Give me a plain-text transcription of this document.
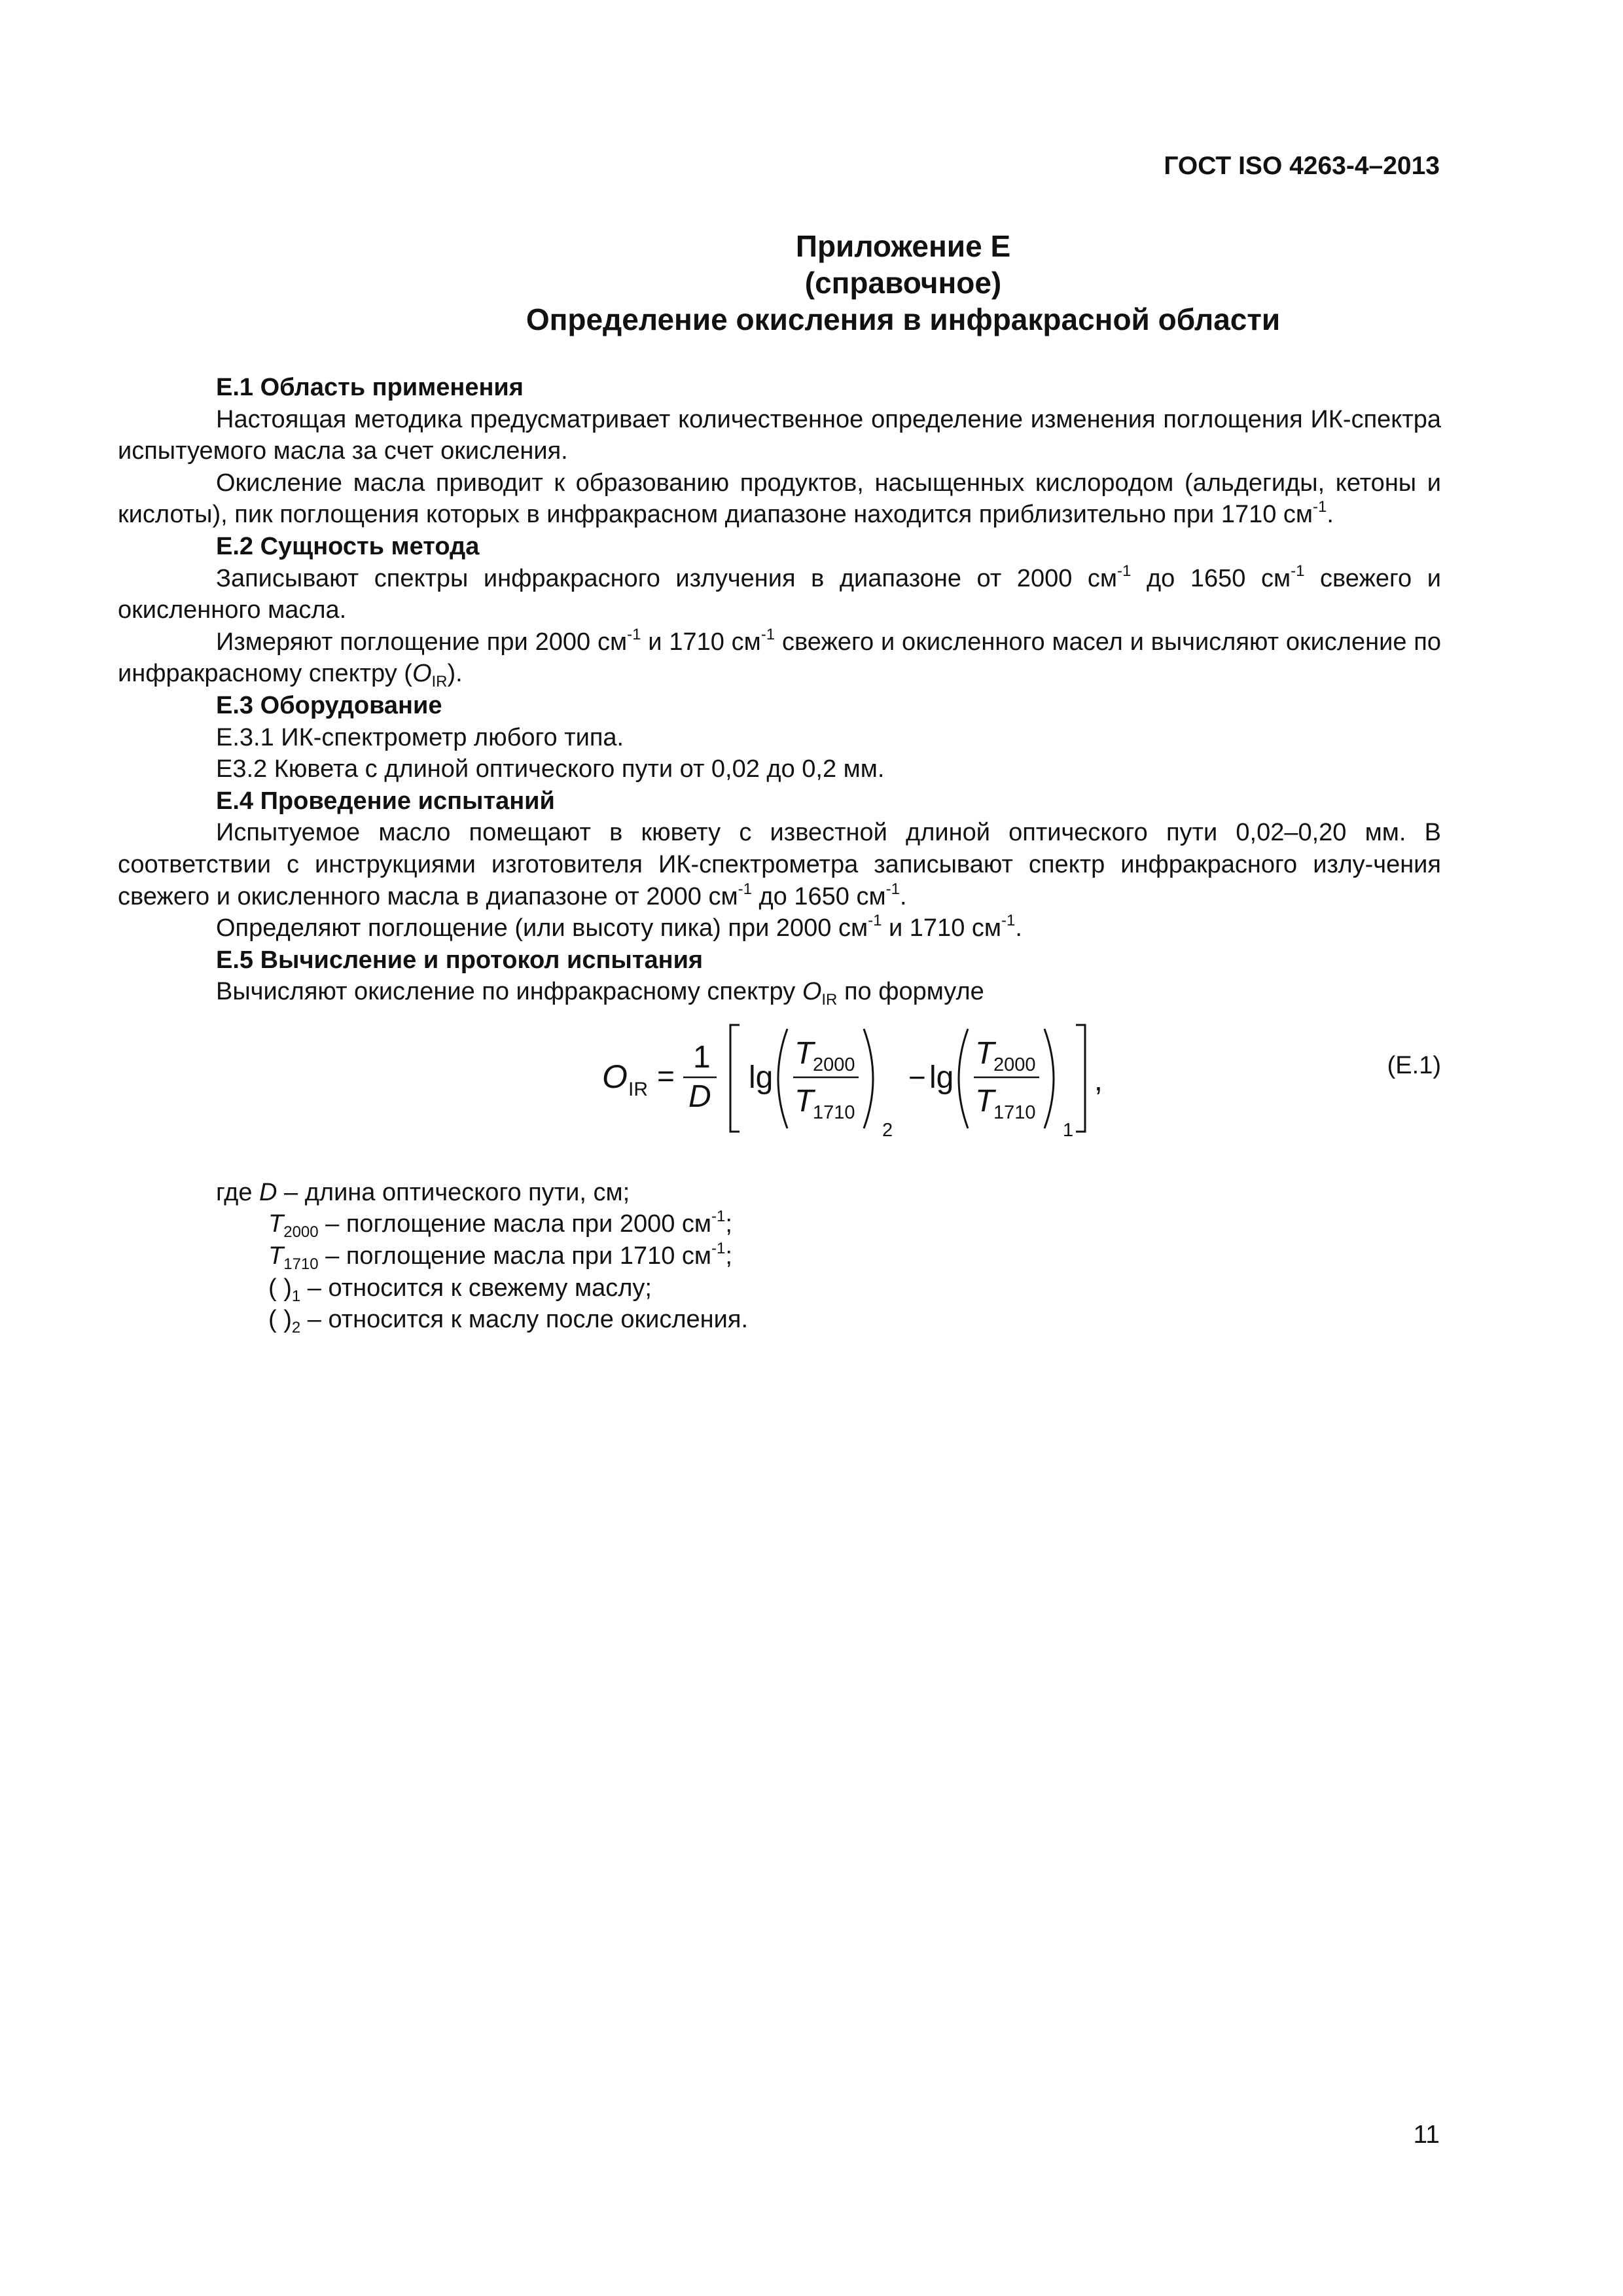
ГОСТ ISO 4263-4–2013
Приложение Е
(справочное)
Определение окисления в инфракрасной области

Е.1 Область применения

Настоящая методика предусматривает количественное определение изменения поглощения ИК-спектра испытуемого масла за счет окисления.

Окисление масла приводит к образованию продуктов, насыщенных кислородом (альдегиды, кетоны и кислоты), пик поглощения которых в инфракрасном диапазоне находится приблизительно при 1710 $см^{-1}$.

Е.2 Сущность метода

Записывают спектры инфракрасного излучения в диапазоне от 2000 $см^{-1}$ до 1650 $см^{-1}$ свежего и окисленного масла.

Измеряют поглощение при 2000 $см^{-1}$ и 1710 $см^{-1}$ свежего и окисленного масел и вычисляют окисление по инфракрасному спектру $(O_{IR})$.

Е.3 Оборудование

Е.3.1 ИК-спектрометр любого типа.

Е3.2 Кювета с длиной оптического пути от 0,02 до 0,2 мм.

Е.4 Проведение испытаний

Испытуемое масло помещают в кювету с известной длиной оптического пути 0,02–0,20 мм. В соответствии с инструкциями изготовителя ИК-спектрометра записывают спектр инфракрасного излу-чения свежего и окисленного масла в диапазоне от 2000 $см^{-1}$ до 1650 $см^{-1}$.

Определяют поглощение (или высоту пика) при 2000 $см^{-1}$ и 1710 $см^{-1}$.

Е.5 Вычисление и протокол испытания

Вычисляют окисление по инфракрасному спектру $O_{IR}$ по формуле

O IR =
1
D
lg
T
2000
T
1710
2
− lg
T
2000
T
1710
1
,	(Е.1)

где D – длина оптического пути, см;

$T_{2000}$ – поглощение масла при 2000 $см^{-1}$;

$T_{1710}$ – поглощение масла при 1710 $см^{-1}$;

( )$_1$ – относится к свежему маслу;

( )$_2$ – относится к маслу после окисления.

11
